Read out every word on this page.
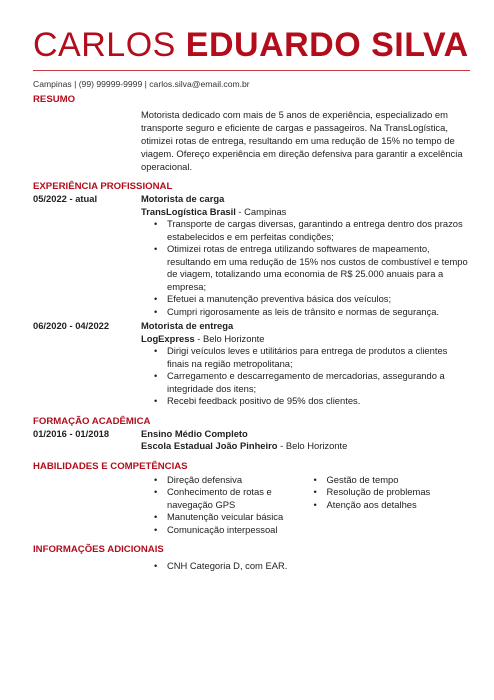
CARLOS EDUARDO SILVA
Campinas | (99) 99999-9999 | carlos.silva@email.com.br
RESUMO
Motorista dedicado com mais de 5 anos de experiência, especializado em transporte seguro e eficiente de cargas e passageiros. Na TransLogística, otimizei rotas de entrega, resultando em uma redução de 15% no tempo de viagem. Ofereço experiência em direção defensiva para garantir a excelência operacional.
EXPERIÊNCIA PROFISSIONAL
05/2022 - atual	Motorista de carga
TransLogística Brasil - Campinas
• Transporte de cargas diversas, garantindo a entrega dentro dos prazos estabelecidos e em perfeitas condições;
• Otimizei rotas de entrega utilizando softwares de mapeamento, resultando em uma redução de 15% nos custos de combustível e tempo de viagem, totalizando uma economia de R$ 25.000 anuais para a empresa;
• Efetuei a manutenção preventiva básica dos veículos;
• Cumpri rigorosamente as leis de trânsito e normas de segurança.
06/2020 - 04/2022	Motorista de entrega
LogExpress - Belo Horizonte
• Dirigi veículos leves e utilitários para entrega de produtos a clientes finais na região metropolitana;
• Carregamento e descarregamento de mercadorias, assegurando a integridade dos itens;
• Recebi feedback positivo de 95% dos clientes.
FORMAÇÃO ACADÊMICA
01/2016 - 01/2018	Ensino Médio Completo
Escola Estadual João Pinheiro - Belo Horizonte
HABILIDADES E COMPETÊNCIAS
• Direção defensiva
• Conhecimento de rotas e navegação GPS
• Manutenção veicular básica
• Comunicação interpessoal
• Gestão de tempo
• Resolução de problemas
• Atenção aos detalhes
INFORMAÇÕES ADICIONAIS
• CNH Categoria D, com EAR.
